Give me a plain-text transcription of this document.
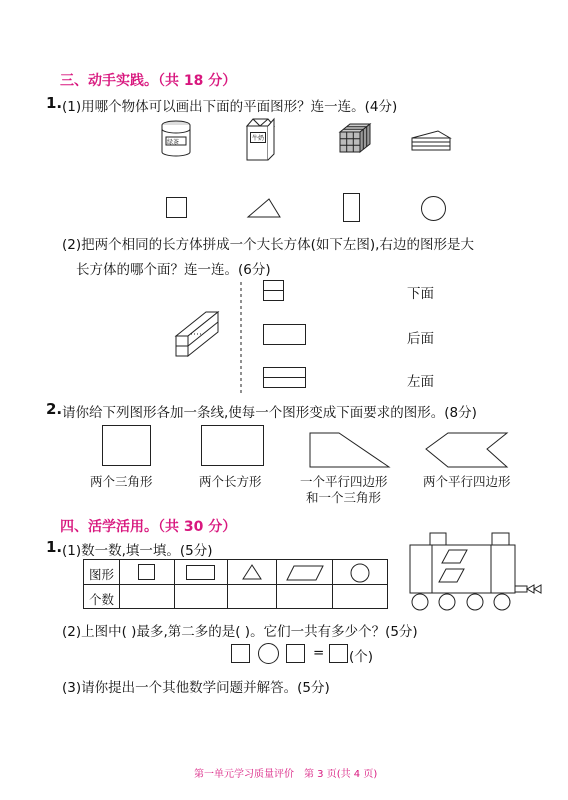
三、动手实践。（共 18 分）
1. (1)用哪个物体可以画出下面的平面图形？连一连。(4分)
绿茶
牛奶
(2)把两个相同的长方体拼成一个大长方体(如下左图),右边的图形是大
长方体的哪个面？连一连。(6分)
下面
后面
左面
2. 请你给下列图形各加一条线,使每一个图形变成下面要求的图形。(8分)
两个三角形	两个长方形	一个平行四边形
和一个三角形
两个平行四边形
四、活学活用。（共 30 分）
1. (1)数一数,填一填。(5分)
图形
个数
(2)上图中( )最多,第二多的是( )。它们一共有多少个？(5分)
= (个)
(3)请你提出一个其他数学问题并解答。(5分)
第一单元学习质量评价　第 3 页(共 4 页)
